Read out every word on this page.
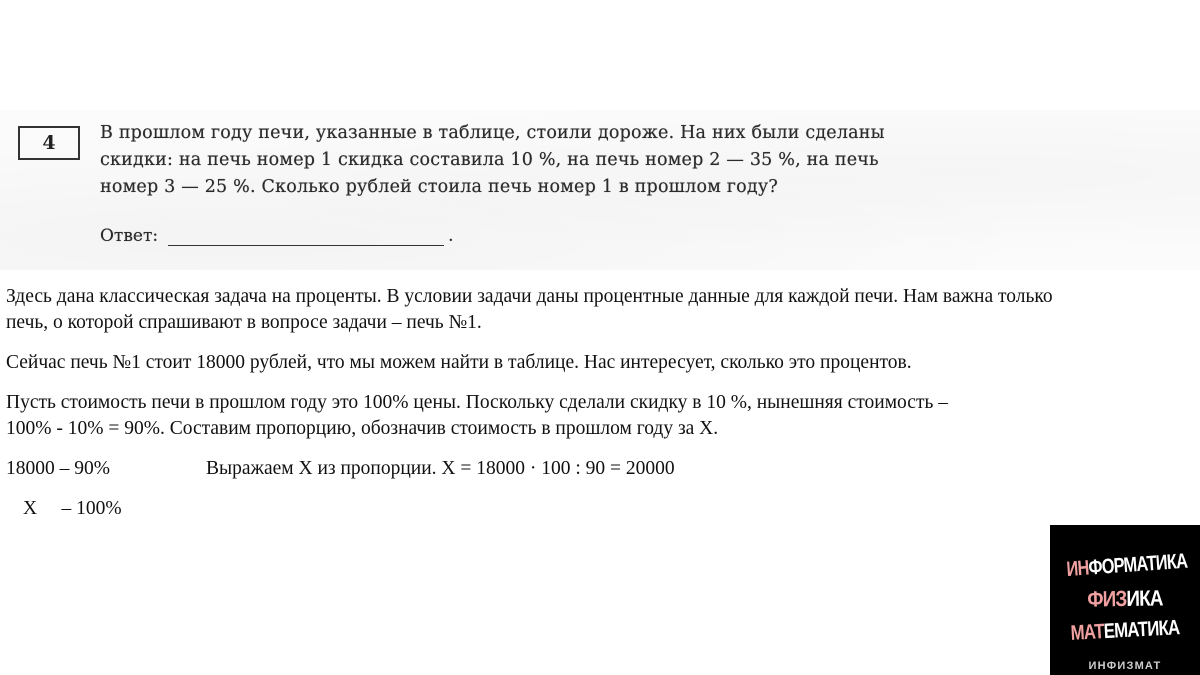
4	В прошлом году печи, указанные в таблице, стоили дороже. На них были сделаны
скидки: на печь номер 1 скидка составила 10 %, на печь номер 2 — 35 %, на печь
номер 3 — 25 %. Сколько рублей стоила печь номер 1 в прошлом году?

Ответ:	.

Здесь дана классическая задача на проценты. В условии задачи даны процентные данные для каждой печи. Нам важна только
печь, о которой спрашивают в вопросе задачи – печь №1.

Сейчас печь №1 стоит 18000 рублей, что мы можем найти в таблице. Нас интересует, сколько это процентов.

Пусть стоимость печи в прошлом году это 100% цены. Поскольку сделали скидку в 10 %, нынешняя стоимость –
100% - 10% = 90%. Составим пропорцию, обозначив стоимость в прошлом году за Х.

18000 – 90%	Выражаем Х из пропорции. Х = 18000 · 100 : 90 = 20000
Х     – 100%
ИНФОРМАТИКА
ФИЗИКА
МАТЕМАТИКА
ИНФИЗМАТ
